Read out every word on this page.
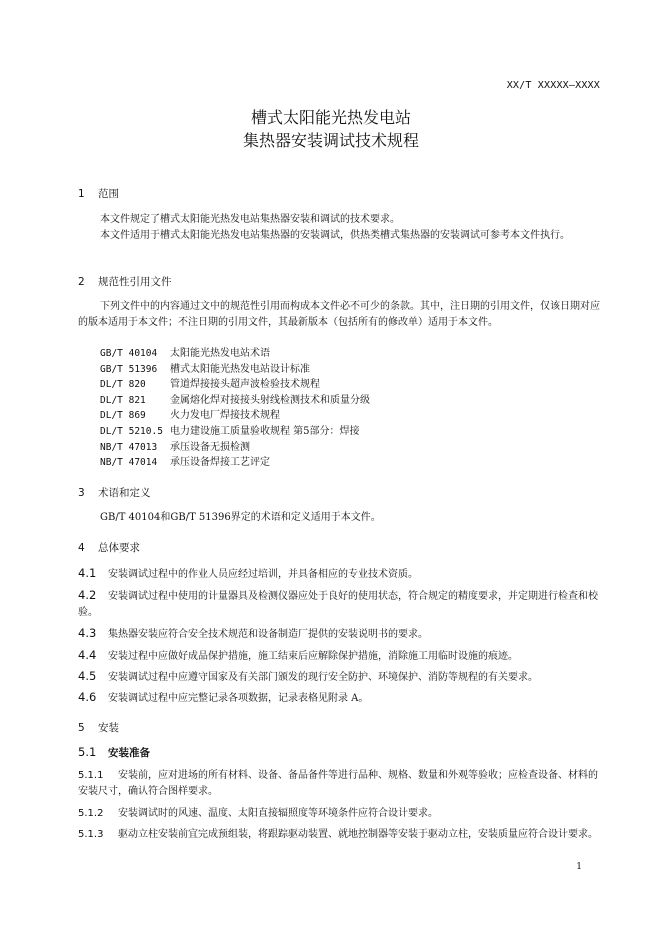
XX/T XXXXX—XXXX
槽式太阳能光热发电站
集热器安装调试技术规程
1 范围
本文件规定了槽式太阳能光热发电站集热器安装和调试的技术要求。
本文件适用于槽式太阳能光热发电站集热器的安装调试，供热类槽式集热器的安装调试可参考本文件执行。
2 规范性引用文件
下列文件中的内容通过文中的规范性引用而构成本文件必不可少的条款。其中，注日期的引用文件，仅该日期对应的版本适用于本文件；不注日期的引用文件，其最新版本（包括所有的修改单）适用于本文件。
GB/T 40104 太阳能光热发电站术语
GB/T 51396 槽式太阳能光热发电站设计标准
DL/T 820 管道焊接接头超声波检验技术规程
DL/T 821 金属熔化焊对接接头射线检测技术和质量分级
DL/T 869 火力发电厂焊接技术规程
DL/T 5210.5 电力建设施工质量验收规程 第5部分：焊接
NB/T 47013 承压设备无损检测
NB/T 47014 承压设备焊接工艺评定
3 术语和定义
GB/T 40104和GB/T 51396界定的术语和定义适用于本文件。
4 总体要求
4.1 安装调试过程中的作业人员应经过培训，并具备相应的专业技术资质。
4.2 安装调试过程中使用的计量器具及检测仪器应处于良好的使用状态，符合规定的精度要求，并定期进行检查和校验。
4.3 集热器安装应符合安全技术规范和设备制造厂提供的安装说明书的要求。
4.4 安装过程中应做好成品保护措施，施工结束后应解除保护措施，消除施工用临时设施的痕迹。
4.5 安装调试过程中应遵守国家及有关部门颁发的现行安全防护、环境保护、消防等规程的有关要求。
4.6 安装调试过程中应完整记录各项数据，记录表格见附录 A。
5 安装
5.1 安装准备
5.1.1 安装前，应对进场的所有材料、设备、备品备件等进行品种、规格、数量和外观等验收；应检查设备、材料的安装尺寸，确认符合图样要求。
5.1.2 安装调试时的风速、温度、太阳直接辐照度等环境条件应符合设计要求。
5.1.3 驱动立柱安装前宜完成预组装，将跟踪驱动装置、就地控制器等安装于驱动立柱，安装质量应符合设计要求。
1
